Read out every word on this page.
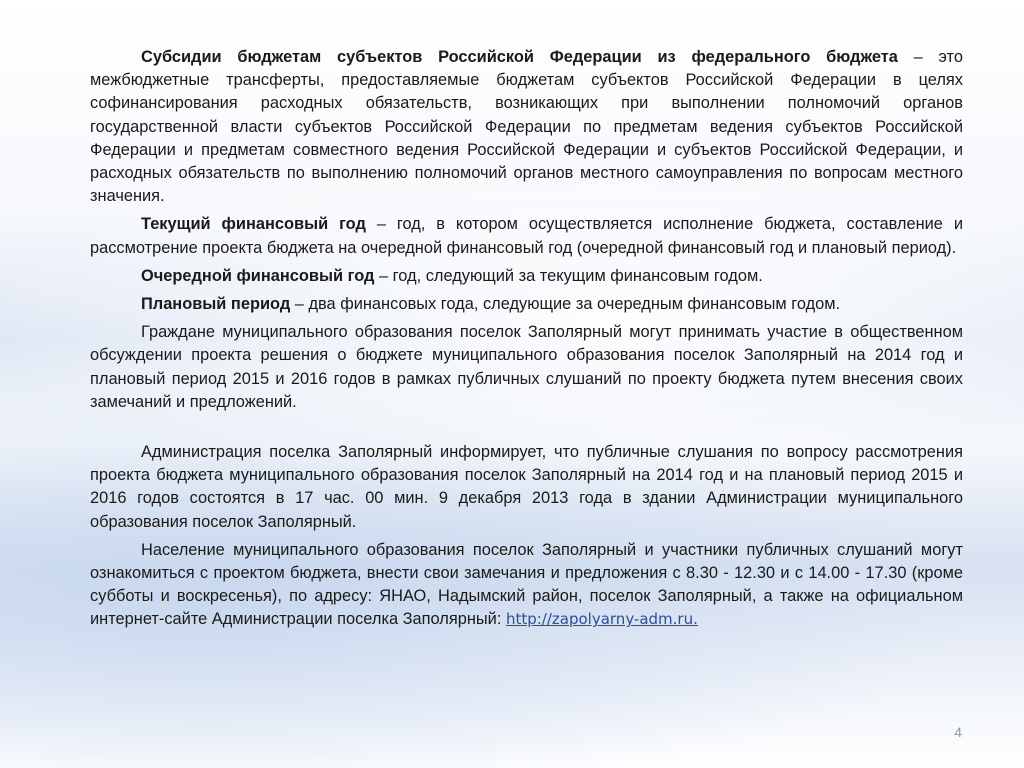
Субсидии бюджетам субъектов Российской Федерации из федерального бюджета – это межбюджетные трансферты, предоставляемые бюджетам субъектов Российской Федерации в целях софинансирования расходных обязательств, возникающих при выполнении полномочий органов государственной власти субъектов Российской Федерации по предметам ведения субъектов Российской Федерации и предметам совместного ведения Российской Федерации и субъектов Российской Федерации, и расходных обязательств по выполнению полномочий органов местного самоуправления по вопросам местного значения.

Текущий финансовый год – год, в котором осуществляется исполнение бюджета, составление и рассмотрение проекта бюджета на очередной финансовый год (очередной финансовый год и плановый период).

Очередной финансовый год – год, следующий за текущим финансовым годом.

Плановый период – два финансовых года, следующие за очередным финансовым годом.

Граждане муниципального образования поселок Заполярный могут принимать участие в общественном обсуждении проекта решения о бюджете муниципального образования поселок Заполярный на 2014 год и плановый период 2015 и 2016 годов в рамках публичных слушаний по проекту бюджета путем внесения своих замечаний и предложений.

Администрация поселка Заполярный информирует, что публичные слушания по вопросу рассмотрения проекта бюджета муниципального образования поселок Заполярный на 2014 год и на плановый период 2015 и 2016 годов состоятся в 17 час. 00 мин. 9 декабря 2013 года в здании Администрации муниципального образования поселок Заполярный.

Население муниципального образования поселок Заполярный и участники публичных слушаний могут ознакомиться с проектом бюджета, внести свои замечания и предложения с 8.30 - 12.30 и с 14.00 - 17.30 (кроме субботы и воскресенья), по адресу: ЯНАО, Надымский район, поселок Заполярный, а также на официальном интернет-сайте Администрации поселка Заполярный: http://zapolyarny-adm.ru.

4
